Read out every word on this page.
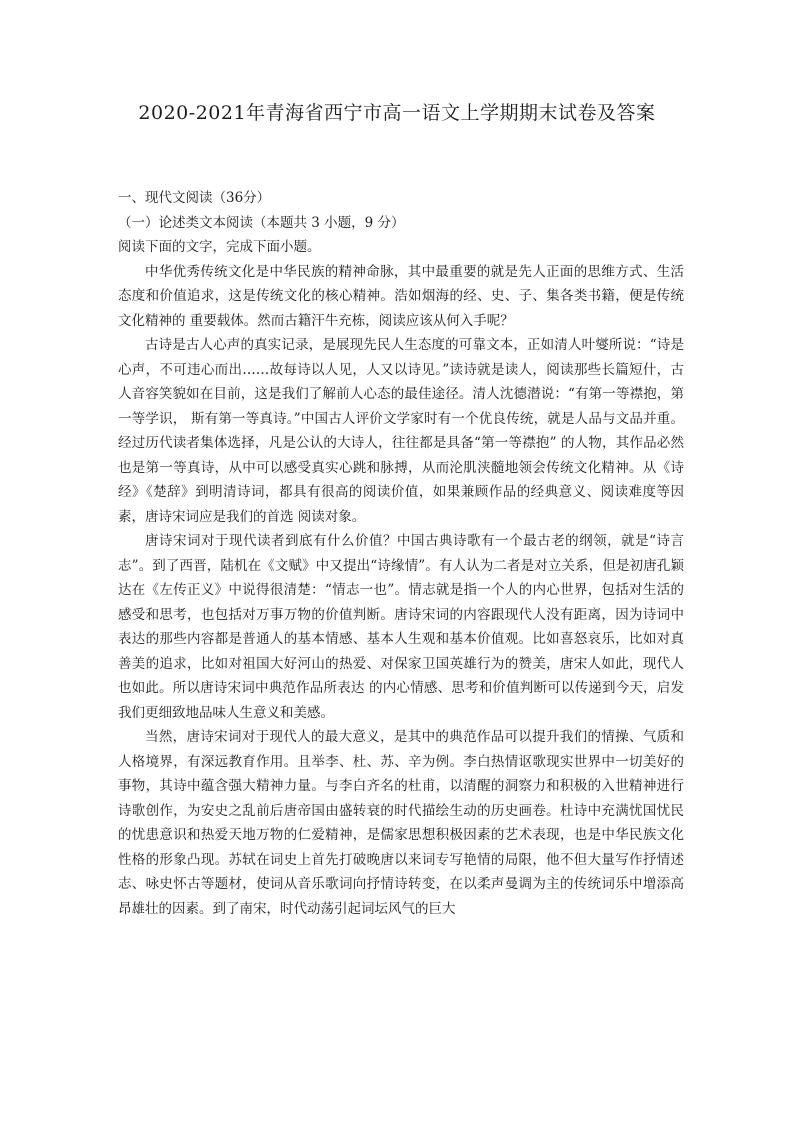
2020-2021年青海省西宁市高一语文上学期期末试卷及答案

一、现代文阅读（36分）

（一）论述类文本阅读（本题共 3 小题，9 分）

阅读下面的文字，完成下面小题。

中华优秀传统文化是中华民族的精神命脉，其中最重要的就是先人正面的思维方式、生活态度和价值追求，这是传统文化的核心精神。浩如烟海的经、史、子、集各类书籍，便是传统文化精神的 重要载体。然而古籍汗牛充栋，阅读应该从何入手呢？

古诗是古人心声的真实记录，是展现先民人生态度的可靠文本，正如清人叶燮所说：“诗是心声，不可违心而出……故每诗以人见，人又以诗见。”读诗就是读人，阅读那些长篇短什，古人音容笑貌如在目前，这是我们了解前人心态的最佳途径。清人沈德潜说：“有第一等襟抱，第一等学识， 斯有第一等真诗。”中国古人评价文学家时有一个优良传统，就是人品与文品并重。经过历代读者集体选择，凡是公认的大诗人，往往都是具备“第一等襟抱” 的人物，其作品必然也是第一等真诗，从中可以感受真实心跳和脉搏，从而沦肌浃髓地领会传统文化精神。从《诗经》《楚辞》到明清诗词，都具有很高的阅读价值，如果兼顾作品的经典意义、阅读难度等因素，唐诗宋词应是我们的首选 阅读对象。

唐诗宋词对于现代读者到底有什么价值？中国古典诗歌有一个最古老的纲领，就是“诗言志”。到了西晋，陆机在《文赋》中又提出“诗缘情”。有人认为二者是对立关系，但是初唐孔颖达在《左传正义》中说得很清楚：“情志一也”。情志就是指一个人的内心世界，包括对生活的感受和思考，也包括对万事万物的价值判断。唐诗宋词的内容跟现代人没有距离，因为诗词中表达的那些内容都是普通人的基本情感、基本人生观和基本价值观。比如喜怒哀乐，比如对真善美的追求，比如对祖国大好河山的热爱、对保家卫国英雄行为的赞美，唐宋人如此，现代人也如此。所以唐诗宋词中典范作品所表达 的内心情感、思考和价值判断可以传递到今天，启发我们更细致地品味人生意义和美感。

当然，唐诗宋词对于现代人的最大意义，是其中的典范作品可以提升我们的情操、气质和人格境界，有深远教育作用。且举李、杜、苏、辛为例。李白热情讴歌现实世界中一切美好的事物，其诗中蕴含强大精神力量。与李白齐名的杜甫，以清醒的洞察力和积极的入世精神进行诗歌创作，为安史之乱前后唐帝国由盛转衰的时代描绘生动的历史画卷。杜诗中充满忧国忧民的忧患意识和热爱天地万物的仁爱精神，是儒家思想积极因素的艺术表现，也是中华民族文化性格的形象凸现。苏轼在词史上首先打破晚唐以来词专写艳情的局限，他不但大量写作抒情述志、咏史怀古等题材，使词从音乐歌词向抒情诗转变，在以柔声曼调为主的传统词乐中增添高昂雄壮的因素。到了南宋，时代动荡引起词坛风气的巨大
